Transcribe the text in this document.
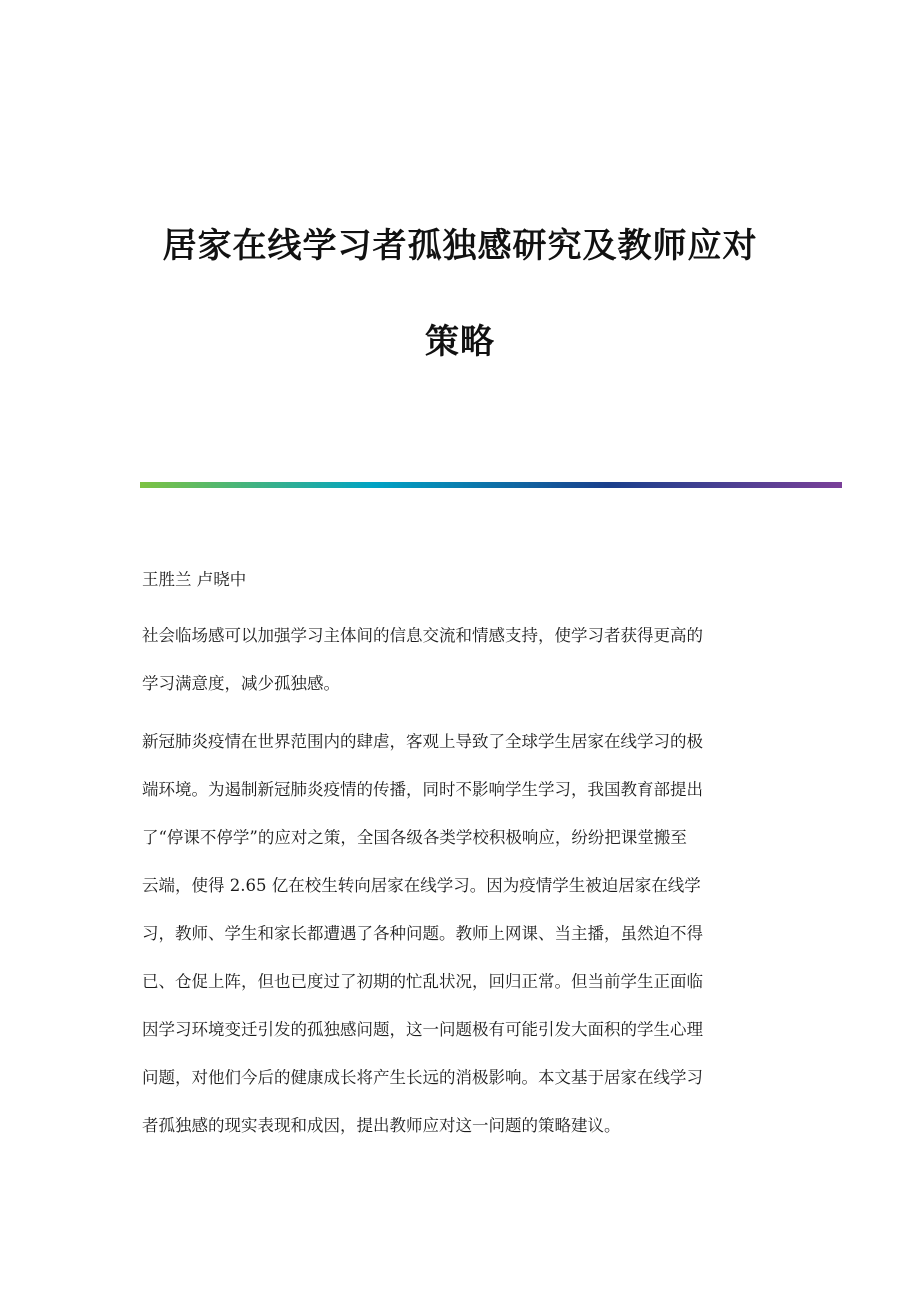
居家在线学习者孤独感研究及教师应对
策略

王胜兰 卢晓中

社会临场感可以加强学习主体间的信息交流和情感支持，使学习者获得更高的
学习满意度，减少孤独感。

新冠肺炎疫情在世界范围内的肆虐，客观上导致了全球学生居家在线学习的极
端环境。为遏制新冠肺炎疫情的传播，同时不影响学生学习，我国教育部提出
了“停课不停学”的应对之策，全国各级各类学校积极响应，纷纷把课堂搬至
云端，使得 2.65 亿在校生转向居家在线学习。因为疫情学生被迫居家在线学
习，教师、学生和家长都遭遇了各种问题。教师上网课、当主播，虽然迫不得
已、仓促上阵，但也已度过了初期的忙乱状况，回归正常。但当前学生正面临
因学习环境变迁引发的孤独感问题，这一问题极有可能引发大面积的学生心理
问题，对他们今后的健康成长将产生长远的消极影响。本文基于居家在线学习
者孤独感的现实表现和成因，提出教师应对这一问题的策略建议。
